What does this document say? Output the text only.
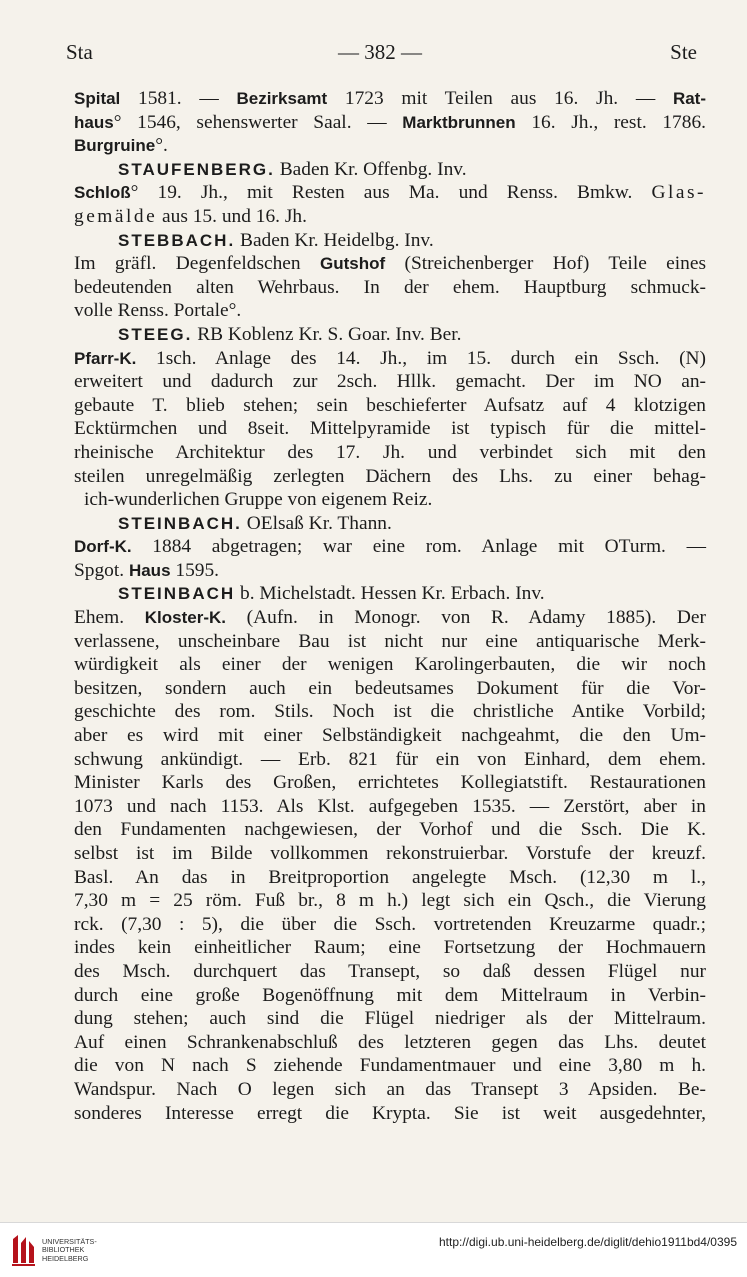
Sta	— 382 —	Ste
Spital 1581. — Bezirksamt 1723 mit Teilen aus 16. Jh. — Rat-
haus° 1546, sehenswerter Saal. — Marktbrunnen 16. Jh., rest. 1786.
Burgruine°.
STAUFENBERG. Baden Kr. Offenbg. Inv.
Schloß° 19. Jh., mit Resten aus Ma. und Renss. Bmkw. Glas-
gemälde aus 15. und 16. Jh.
STEBBACH. Baden Kr. Heidelbg. Inv.
Im gräfl. Degenfeldschen Gutshof (Streichenberger Hof) Teile eines
bedeutenden alten Wehrbaus. In der ehem. Hauptburg schmuck-
volle Renss. Portale°.
STEEG. RB Koblenz Kr. S. Goar. Inv. Ber.
Pfarr-K. 1sch. Anlage des 14. Jh., im 15. durch ein Ssch. (N)
erweitert und dadurch zur 2sch. Hllk. gemacht. Der im NO an-
gebaute T. blieb stehen; sein beschieferter Aufsatz auf 4 klotzigen
Ecktürmchen und 8seit. Mittelpyramide ist typisch für die mittel-
rheinische Architektur des 17. Jh. und verbindet sich mit den
steilen unregelmäßig zerlegten Dächern des Lhs. zu einer behag-
ich-wunderlichen Gruppe von eigenem Reiz.
STEINBACH. OElsaß Kr. Thann.
Dorf-K. 1884 abgetragen; war eine rom. Anlage mit OTurm. —
Spgot. Haus 1595.
STEINBACH b. Michelstadt. Hessen Kr. Erbach. Inv.
Ehem. Kloster-K. (Aufn. in Monogr. von R. Adamy 1885). Der
verlassene, unscheinbare Bau ist nicht nur eine antiquarische Merk-
würdigkeit als einer der wenigen Karolingerbauten, die wir noch
besitzen, sondern auch ein bedeutsames Dokument für die Vor-
geschichte des rom. Stils. Noch ist die christliche Antike Vorbild;
aber es wird mit einer Selbständigkeit nachgeahmt, die den Um-
schwung ankündigt. — Erb. 821 für ein von Einhard, dem ehem.
Minister Karls des Großen, errichtetes Kollegiatstift. Restaurationen
1073 und nach 1153. Als Klst. aufgegeben 1535. — Zerstört, aber in
den Fundamenten nachgewiesen, der Vorhof und die Ssch. Die K.
selbst ist im Bilde vollkommen rekonstruierbar. Vorstufe der kreuzf.
Basl. An das in Breitproportion angelegte Msch. (12,30 m l.,
7,30 m = 25 röm. Fuß br., 8 m h.) legt sich ein Qsch., die Vierung
rck. (7,30 : 5), die über die Ssch. vortretenden Kreuzarme quadr.;
indes kein einheitlicher Raum; eine Fortsetzung der Hochmauern
des Msch. durchquert das Transept, so daß dessen Flügel nur
durch eine große Bogenöffnung mit dem Mittelraum in Verbin-
dung stehen; auch sind die Flügel niedriger als der Mittelraum.
Auf einen Schrankenabschluß des letzteren gegen das Lhs. deutet
die von N nach S ziehende Fundamentmauer und eine 3,80 m h.
Wandspur. Nach O legen sich an das Transept 3 Apsiden. Be-
sonderes Interesse erregt die Krypta. Sie ist weit ausgedehnter,
UNIVERSITÄTS-
BIBLIOTHEK
HEIDELBERG
http://digi.ub.uni-heidelberg.de/diglit/dehio1911bd4/0395
